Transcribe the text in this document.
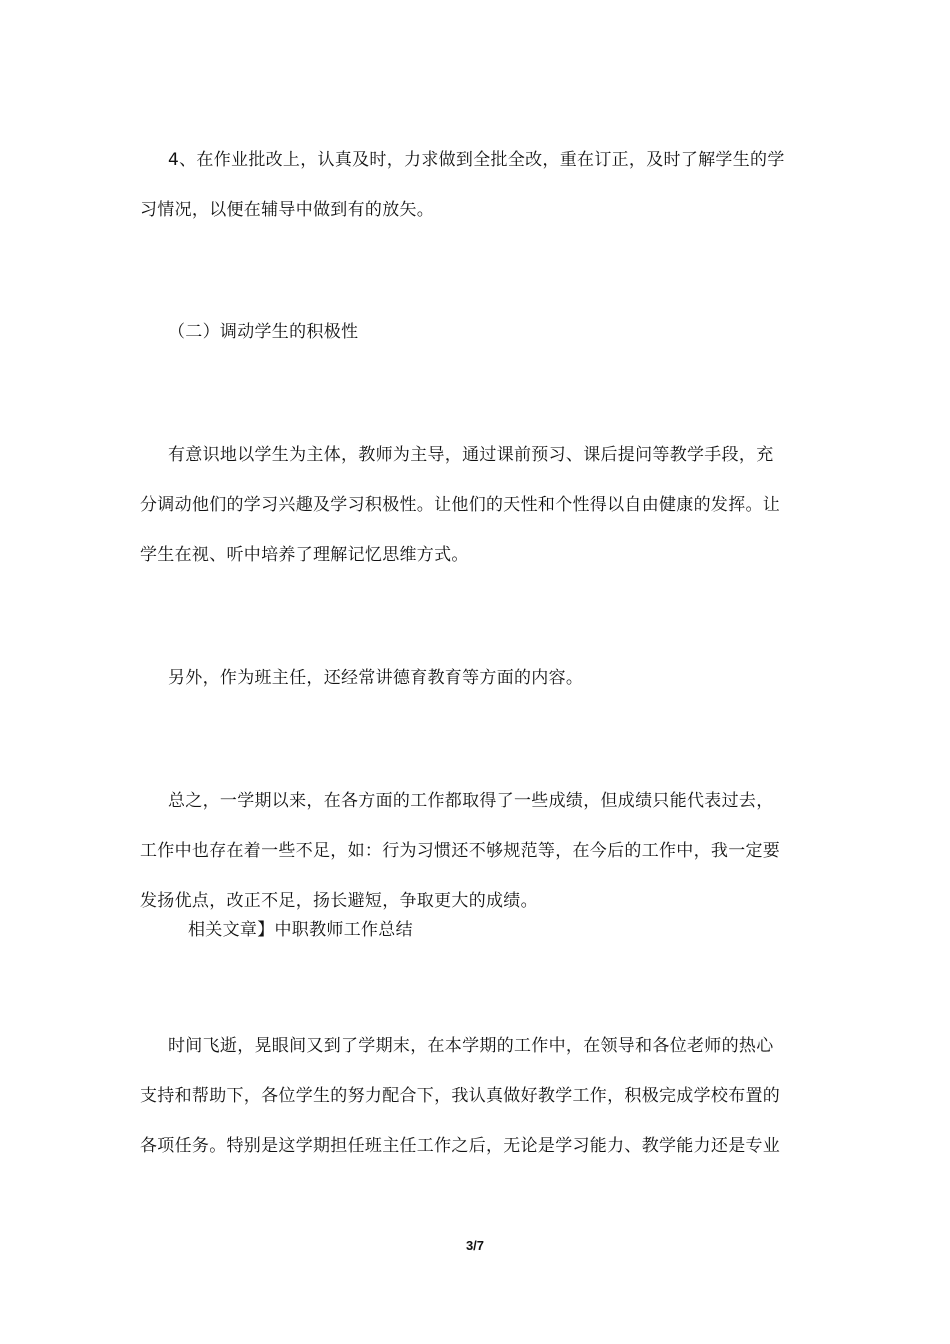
4、在作业批改上，认真及时，力求做到全批全改，重在订正，及时了解学生的学
习情况，以便在辅导中做到有的放矢。
（二）调动学生的积极性
有意识地以学生为主体，教师为主导，通过课前预习、课后提问等教学手段，充
分调动他们的学习兴趣及学习积极性。让他们的天性和个性得以自由健康的发挥。让
学生在视、听中培养了理解记忆思维方式。
另外，作为班主任，还经常讲德育教育等方面的内容。
总之，一学期以来，在各方面的工作都取得了一些成绩，但成绩只能代表过去，
工作中也存在着一些不足，如：行为习惯还不够规范等，在今后的工作中，我一定要
发扬优点，改正不足，扬长避短，争取更大的成绩。
相关文章】中职教师工作总结
时间飞逝，晃眼间又到了学期末，在本学期的工作中，在领导和各位老师的热心
支持和帮助下，各位学生的努力配合下，我认真做好教学工作，积极完成学校布置的
各项任务。特别是这学期担任班主任工作之后，无论是学习能力、教学能力还是专业
3/7
